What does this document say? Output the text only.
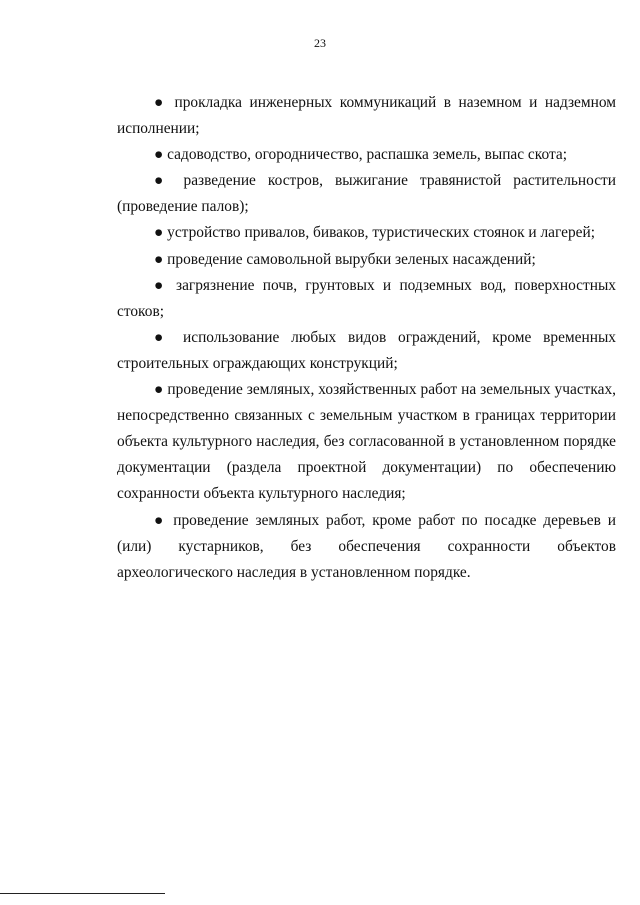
23

● прокладка инженерных коммуникаций в наземном и надземном исполнении;

● садоводство, огородничество, распашка земель, выпас скота;

● разведение костров, выжигание травянистой растительности (проведение палов);

● устройство привалов, биваков, туристических стоянок и лагерей;

● проведение самовольной вырубки зеленых насаждений;

● загрязнение почв, грунтовых и подземных вод, поверхностных стоков;

● использование любых видов ограждений, кроме временных строительных ограждающих конструкций;

● проведение земляных, хозяйственных работ на земельных участках, непосредственно связанных с земельным участком в границах территории объекта культурного наследия, без согласованной в установленном порядке документации (раздела проектной документации) по обеспечению сохранности объекта культурного наследия;

● проведение земляных работ, кроме работ по посадке деревьев и (или) кустарников, без обеспечения сохранности объектов археологического наследия в установленном порядке.
